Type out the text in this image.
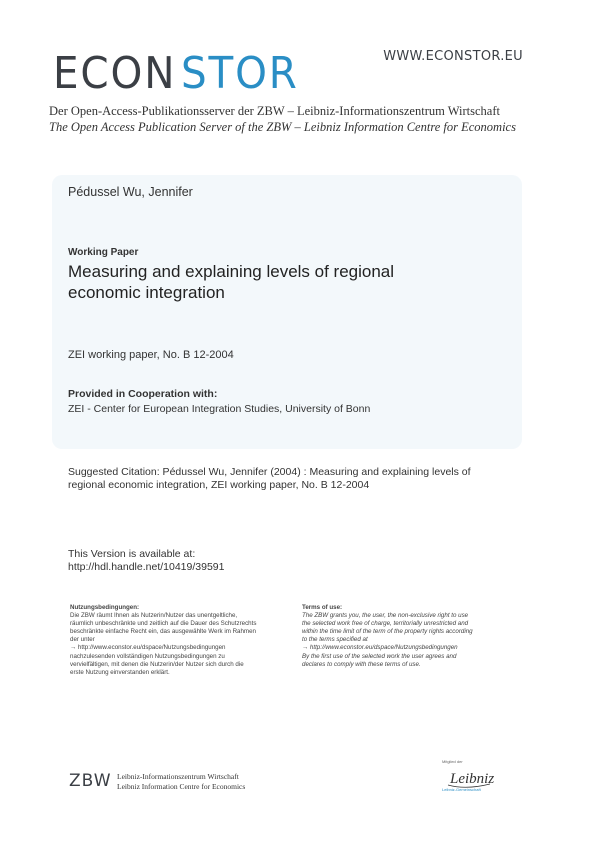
ECON STOR	WWW.ECONSTOR.EU
Der Open-Access-Publikationsserver der ZBW – Leibniz-Informationszentrum Wirtschaft
The Open Access Publication Server of the ZBW – Leibniz Information Centre for Economics
Pédussel Wu, Jennifer
Working Paper
Measuring and explaining levels of regional economic integration
ZEI working paper, No. B 12-2004
Provided in Cooperation with:
ZEI - Center for European Integration Studies, University of Bonn
Suggested Citation: Pédussel Wu, Jennifer (2004) : Measuring and explaining levels of regional economic integration, ZEI working paper, No. B 12-2004
This Version is available at:
http://hdl.handle.net/10419/39591
Nutzungsbedingungen:
Die ZBW räumt Ihnen als Nutzerin/Nutzer das unentgeltliche,
räumlich unbeschränkte und zeitlich auf die Dauer des Schutzrechts
beschränkte einfache Recht ein, das ausgewählte Werk im Rahmen
der unter
→ http://www.econstor.eu/dspace/Nutzungsbedingungen
nachzulesenden vollständigen Nutzungsbedingungen zu
vervielfältigen, mit denen die Nutzerin/der Nutzer sich durch die
erste Nutzung einverstanden erklärt.
Terms of use:
The ZBW grants you, the user, the non-exclusive right to use
the selected work free of charge, territorially unrestricted and
within the time limit of the term of the property rights according
to the terms specified at
→ http://www.econstor.eu/dspace/Nutzungsbedingungen
By the first use of the selected work the user agrees and
declares to comply with these terms of use.
ZBW Leibniz-Informationszentrum Wirtschaft
Leibniz Information Centre for Economics
Mitglied der
Leibniz
Leibniz-Gemeinschaft
